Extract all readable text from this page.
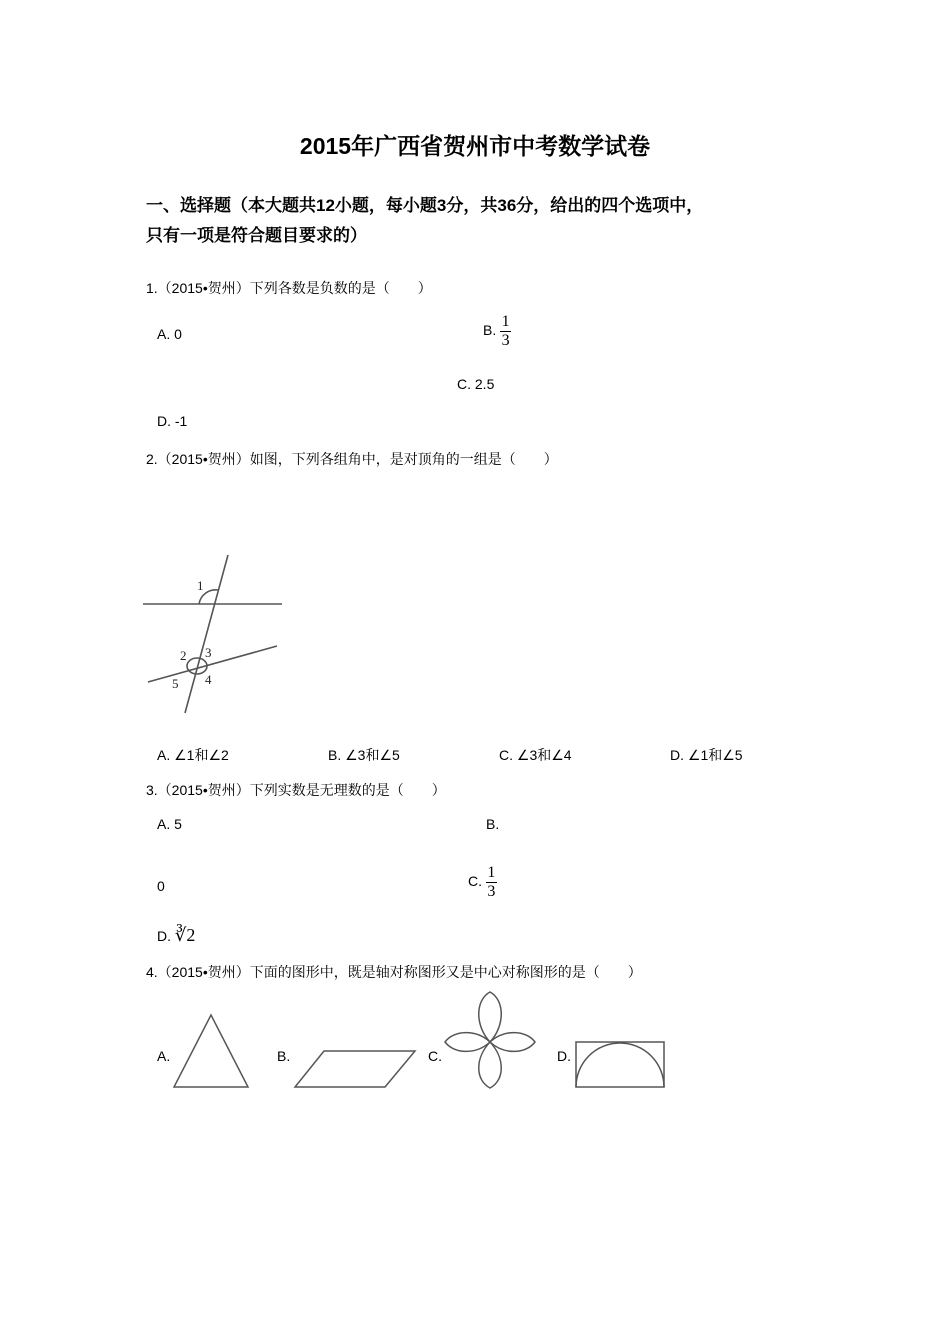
2015年广西省贺州市中考数学试卷
一、选择题（本大题共12小题，每小题3分，共36分，给出的四个选项中，
只有一项是符合题目要求的）
1.（2015•贺州）下列各数是负数的是（　　）
A. 0	B. $\frac{1}{3}$
C. 2.5
D. -1
2.（2015•贺州）如图，下列各组角中，是对顶角的一组是（　　）
1
2 3
4
5
A. ∠1和∠2	B. ∠3和∠5	C. ∠3和∠4	D. ∠1和∠5
3.（2015•贺州）下列实数是无理数的是（　　）
A. 5	B.
0	C. $\frac{1}{3}$
D. ∛2
4.（2015•贺州）下面的图形中，既是轴对称图形又是中心对称图形的是（　　）
A.	B.	C.	D.
